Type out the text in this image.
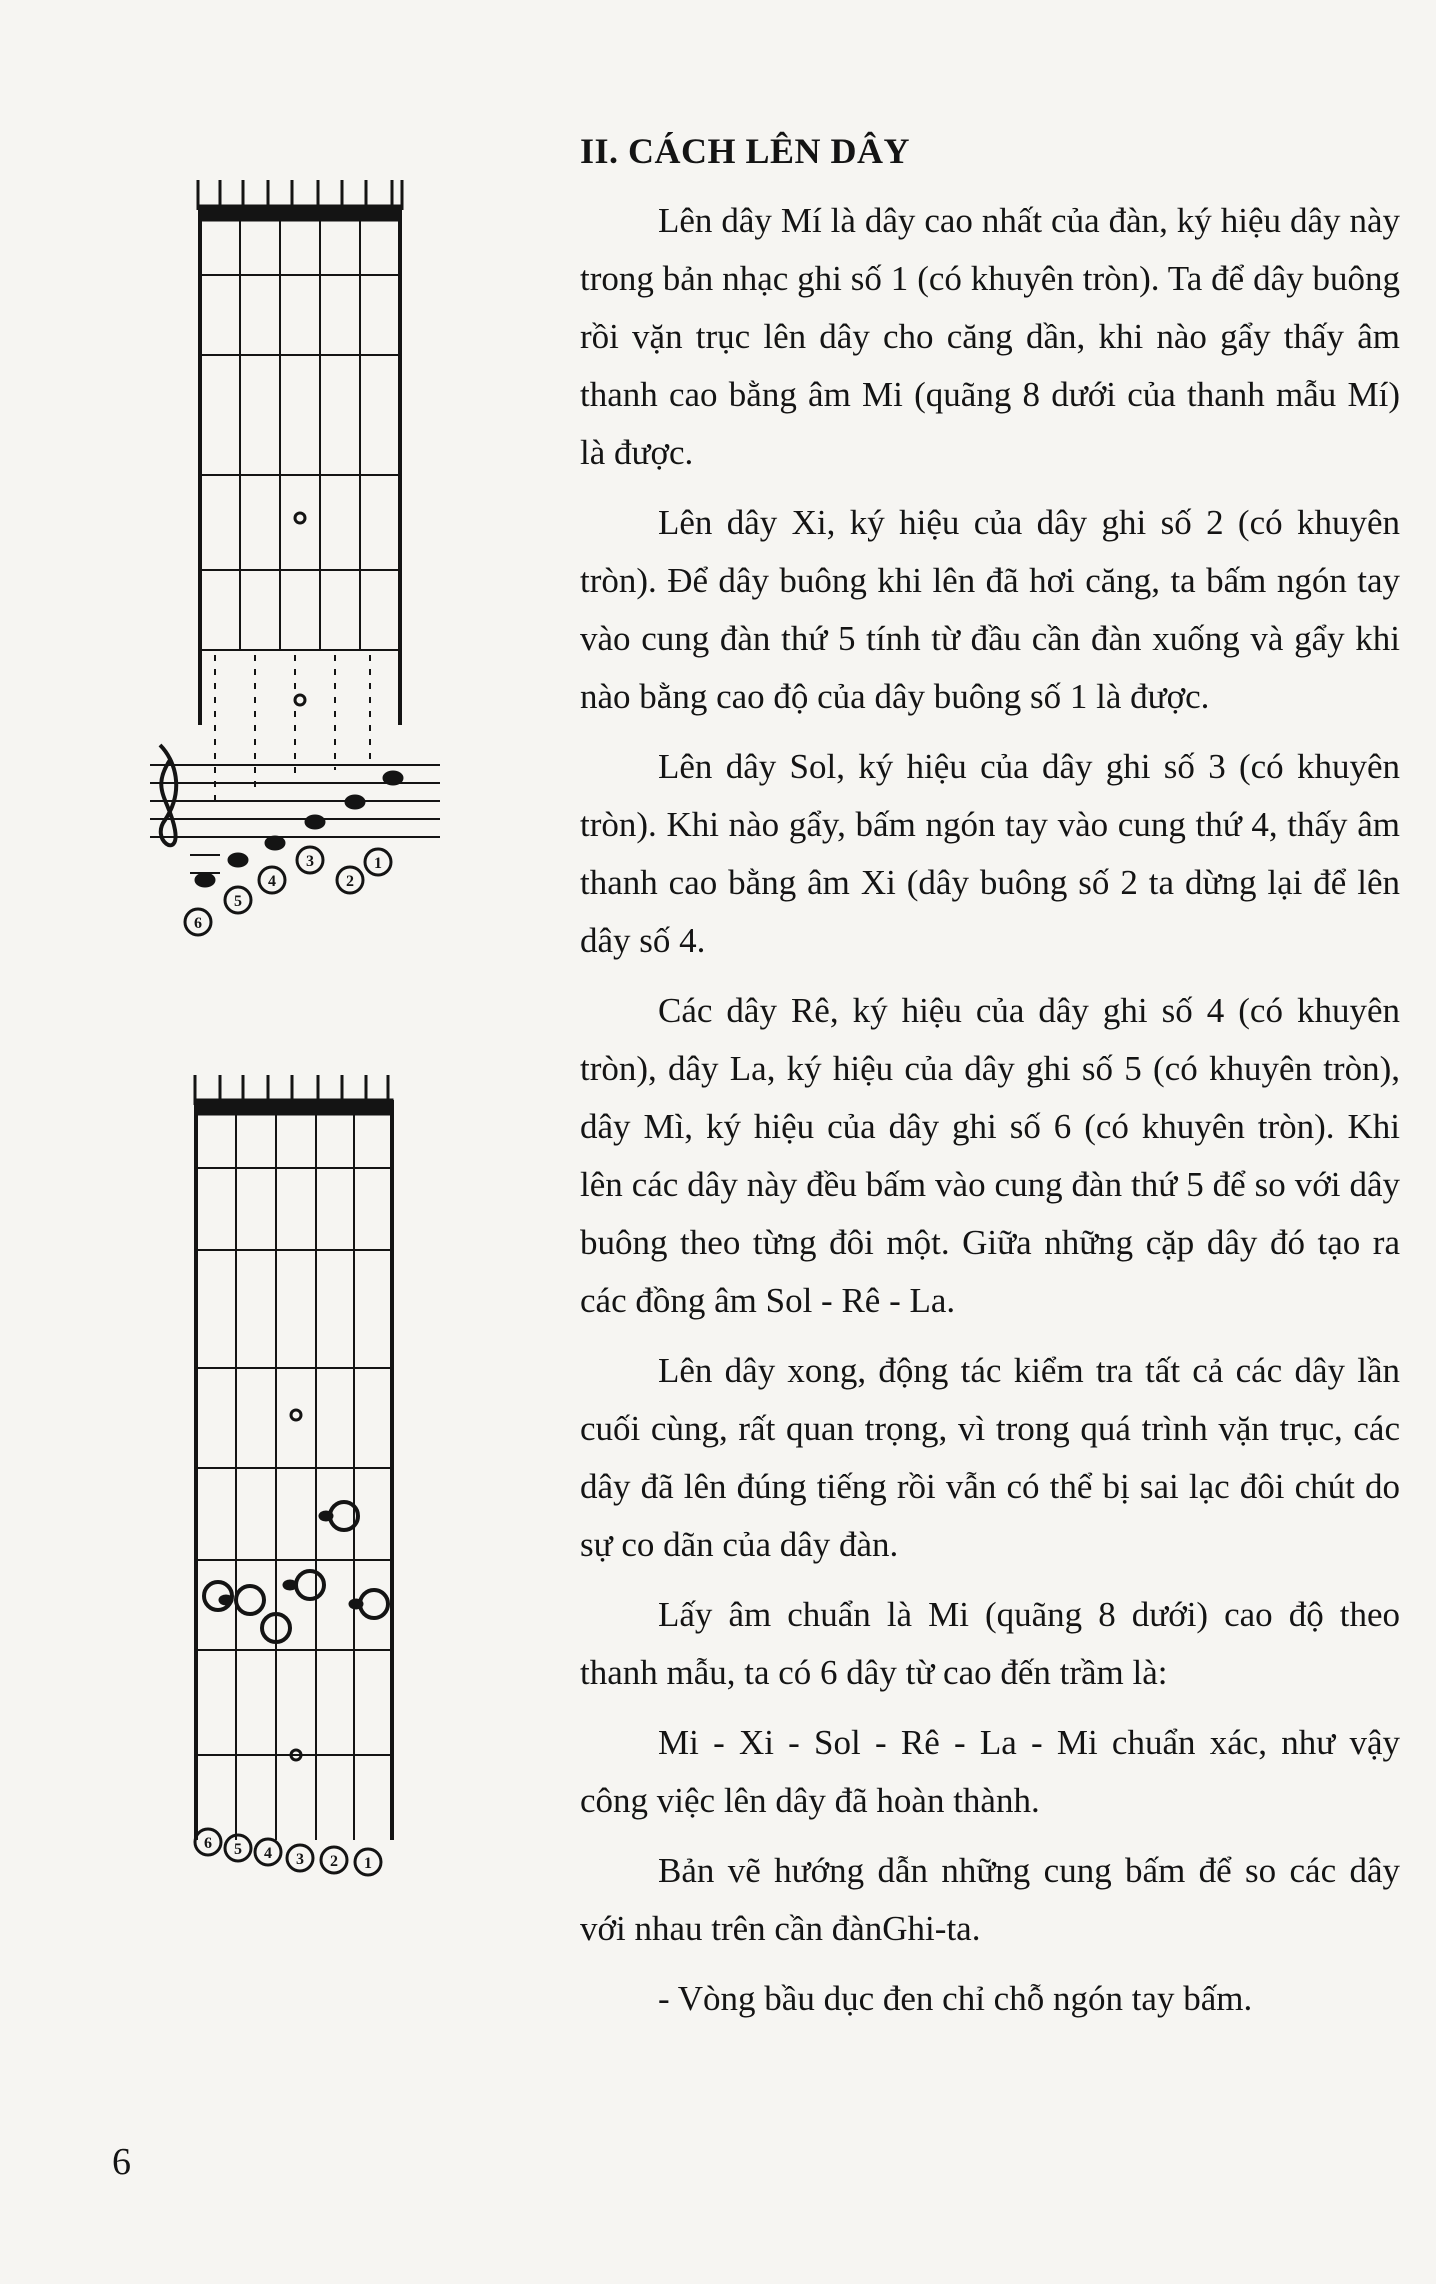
6
5
4
3
2
1
6 5 4 3 2 1
II. CÁCH LÊN DÂY

Lên dây Mí là dây cao nhất của đàn, ký hiệu dây này trong bản nhạc ghi số 1 (có khuyên tròn). Ta để dây buông rồi vặn trục lên dây cho căng dần, khi nào gẩy thấy âm thanh cao bằng âm Mi (quãng 8 dưới của thanh mẫu Mí) là được.

Lên dây Xi, ký hiệu của dây ghi số 2 (có khuyên tròn). Để dây buông khi lên đã hơi căng, ta bấm ngón tay vào cung đàn thứ 5 tính từ đầu cần đàn xuống và gẩy khi nào bằng cao độ của dây buông số 1 là được.

Lên dây Sol, ký hiệu của dây ghi số 3 (có khuyên tròn). Khi nào gẩy, bấm ngón tay vào cung thứ 4, thấy âm thanh cao bằng âm Xi (dây buông số 2 ta dừng lại để lên dây số 4.

Các dây Rê, ký hiệu của dây ghi số 4 (có khuyên tròn), dây La, ký hiệu của dây ghi số 5 (có khuyên tròn), dây Mì, ký hiệu của dây ghi số 6 (có khuyên tròn). Khi lên các dây này đều bấm vào cung đàn thứ 5 để so với dây buông theo từng đôi một. Giữa những cặp dây đó tạo ra các đồng âm Sol - Rê - La.

Lên dây xong, động tác kiểm tra tất cả các dây lần cuối cùng, rất quan trọng, vì trong quá trình vặn trục, các dây đã lên đúng tiếng rồi vẫn có thể bị sai lạc đôi chút do sự co dãn của dây đàn.

Lấy âm chuẩn là Mi (quãng 8 dưới) cao độ theo thanh mẫu, ta có 6 dây từ cao đến trầm là:

Mi - Xi - Sol - Rê - La - Mi chuẩn xác, như vậy công việc lên dây đã hoàn thành.

Bản vẽ hướng dẫn những cung bấm để so các dây với nhau trên cần đànGhi-ta.

- Vòng bầu dục đen chỉ chỗ ngón tay bấm.

6
